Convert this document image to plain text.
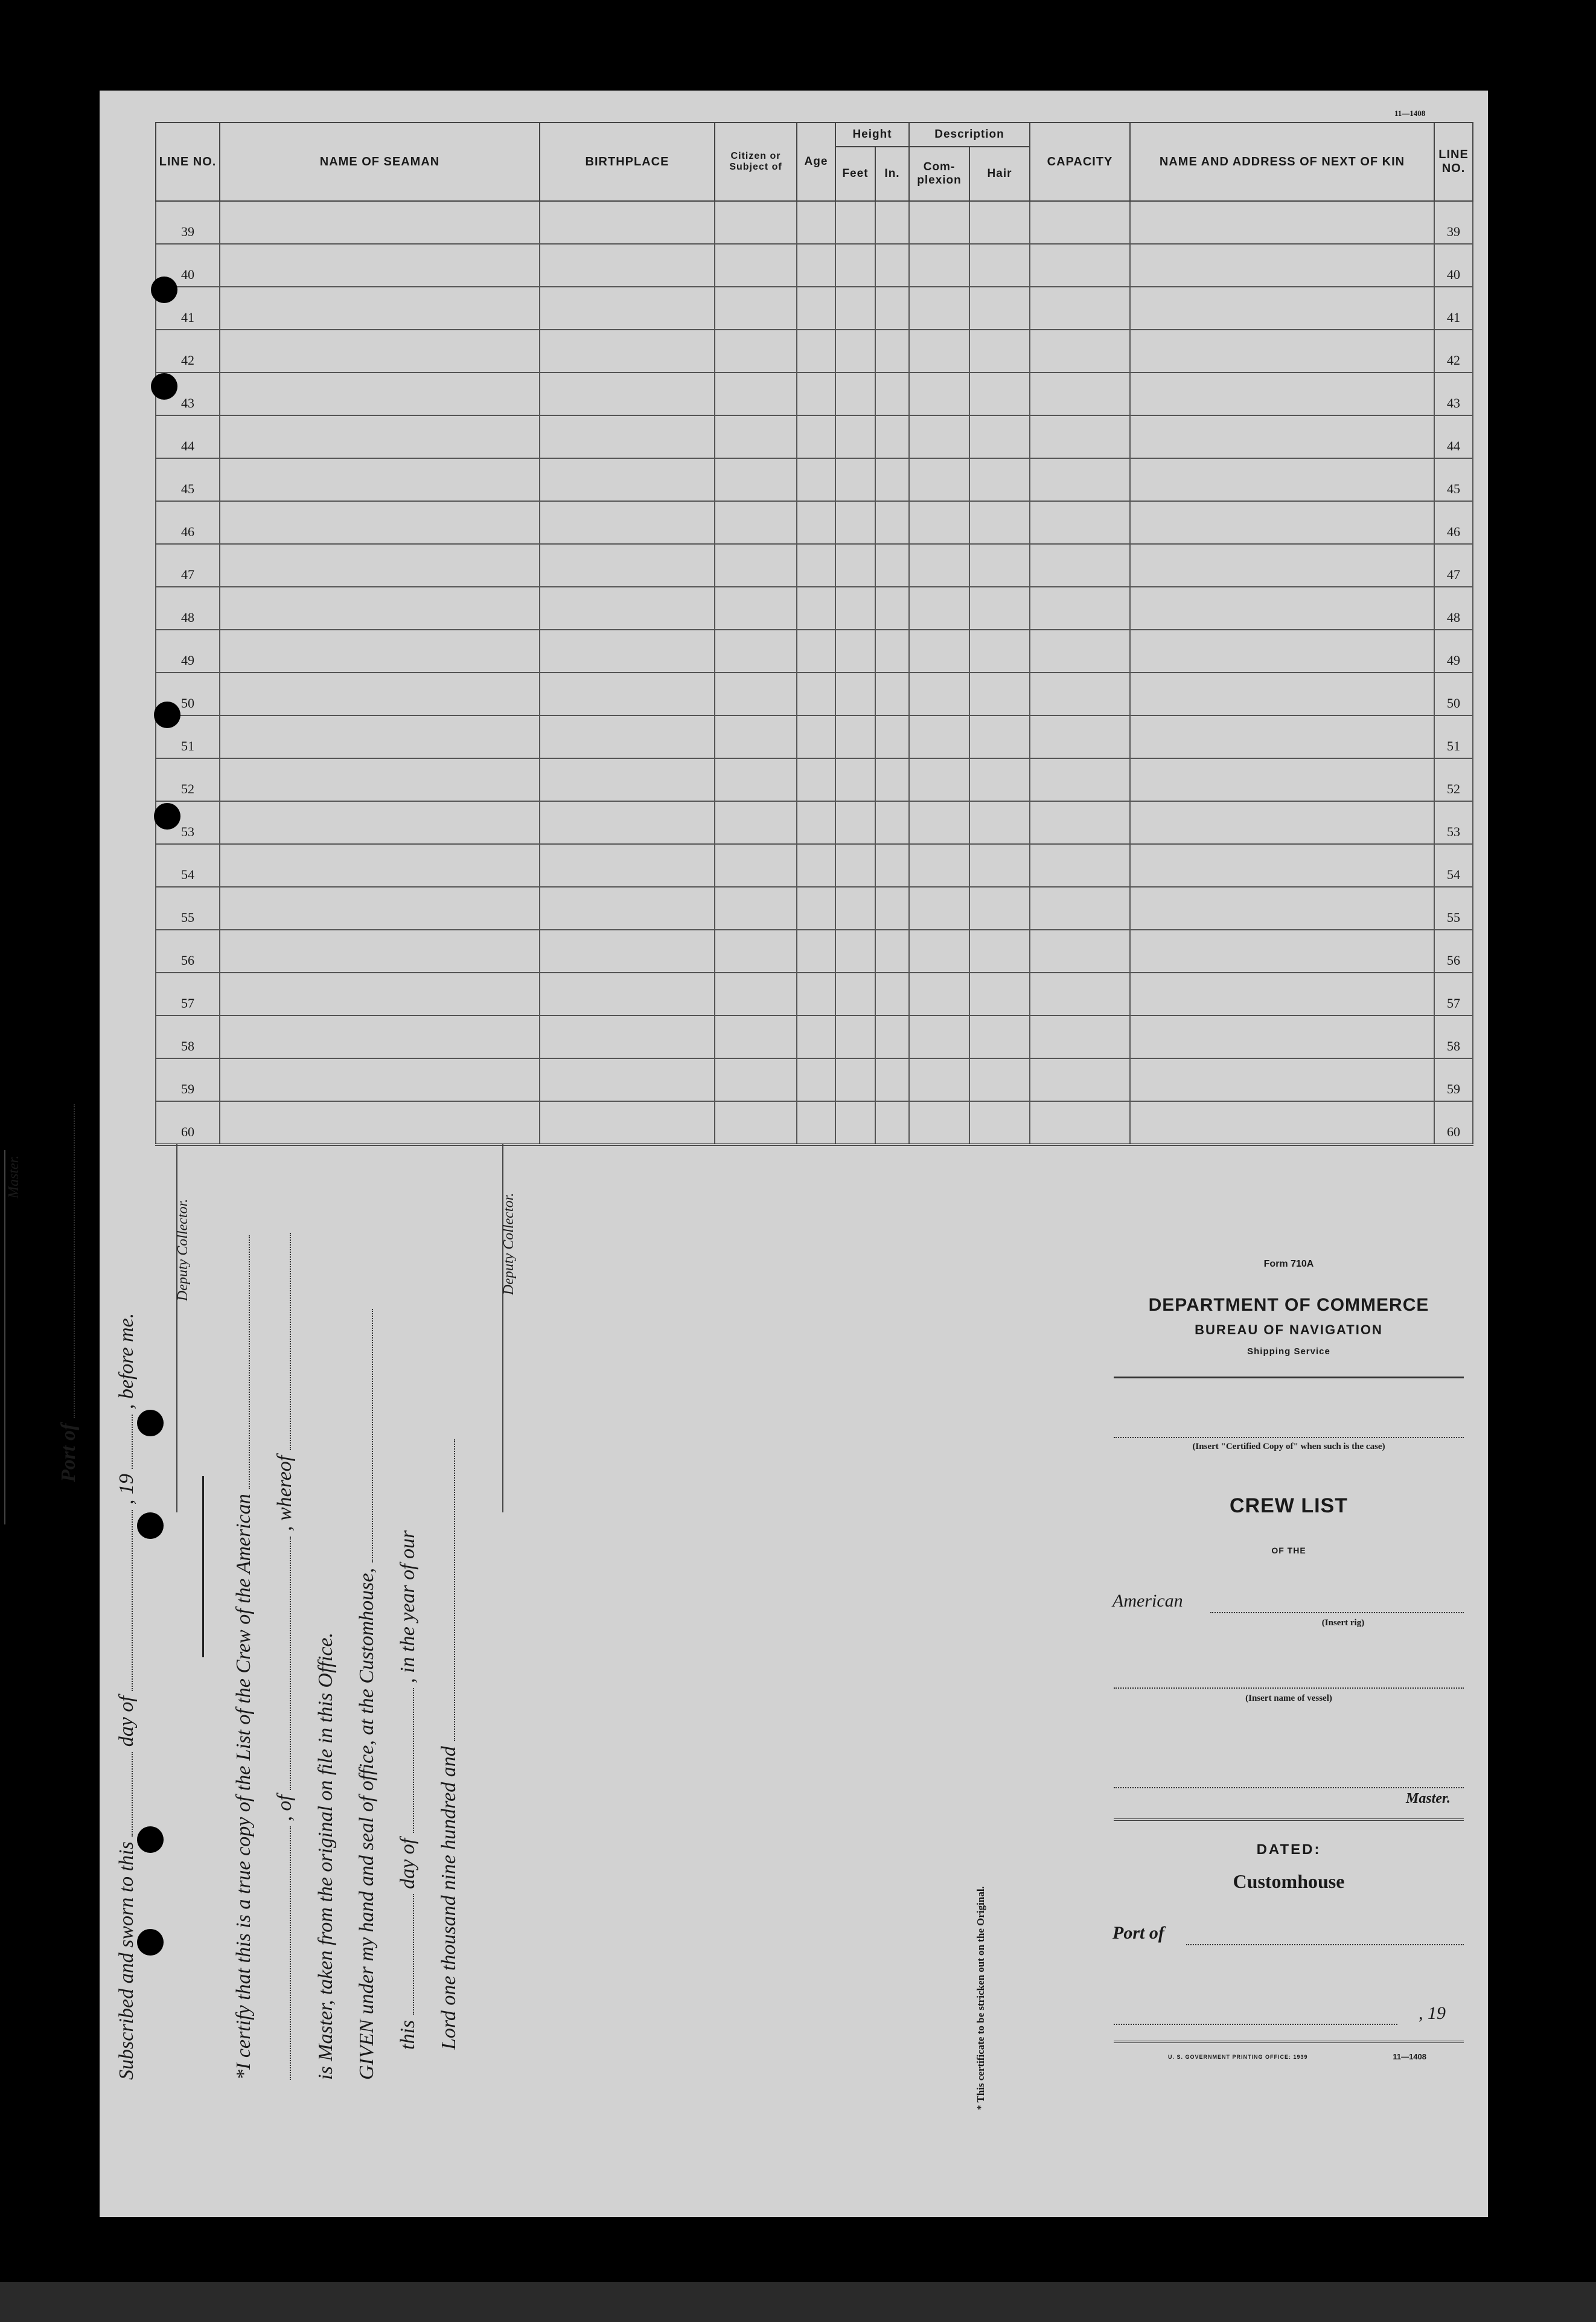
11—1408
LINE NO.	NAME OF SEAMAN	BIRTHPLACE	Citizen or Subject of	Age	Height		Description		CAPACITY	NAME AND ADDRESS OF NEXT OF KIN	LINE NO.
					Feet	In.	Com-plexion	Hair			
39											39
40											40
41											41
42											42
43											43
44											44
45											45
46											46
47											47
48											48
49											49
50											50
51											51
52											52
53											53
54											54
55											55
56											56
57											57
58											58
59											59
60											60

Master.
Port of
Subscribed and sworn to this  day of  , 19  , before me.
Deputy Collector.
*I certify that this is a true copy of the List of the Crew of the American , of  , whereof
is Master, taken from the original on file in this Office. GIVEN under my hand and seal of office, at the Customhouse, this  day of  , in the year of our
Lord one thousand nine hundred and
Deputy Collector.
* This certificate to be stricken out on the Original.
Form 710A
DEPARTMENT OF COMMERCE
BUREAU OF NAVIGATION
Shipping Service
(Insert "Certified Copy of" when such is the case)
CREW LIST
OF THE
American
(Insert rig)
(Insert name of vessel)
Master.
DATED:
Customhouse
Port of
, 19
U. S. GOVERNMENT PRINTING OFFICE: 1939	11—1408
